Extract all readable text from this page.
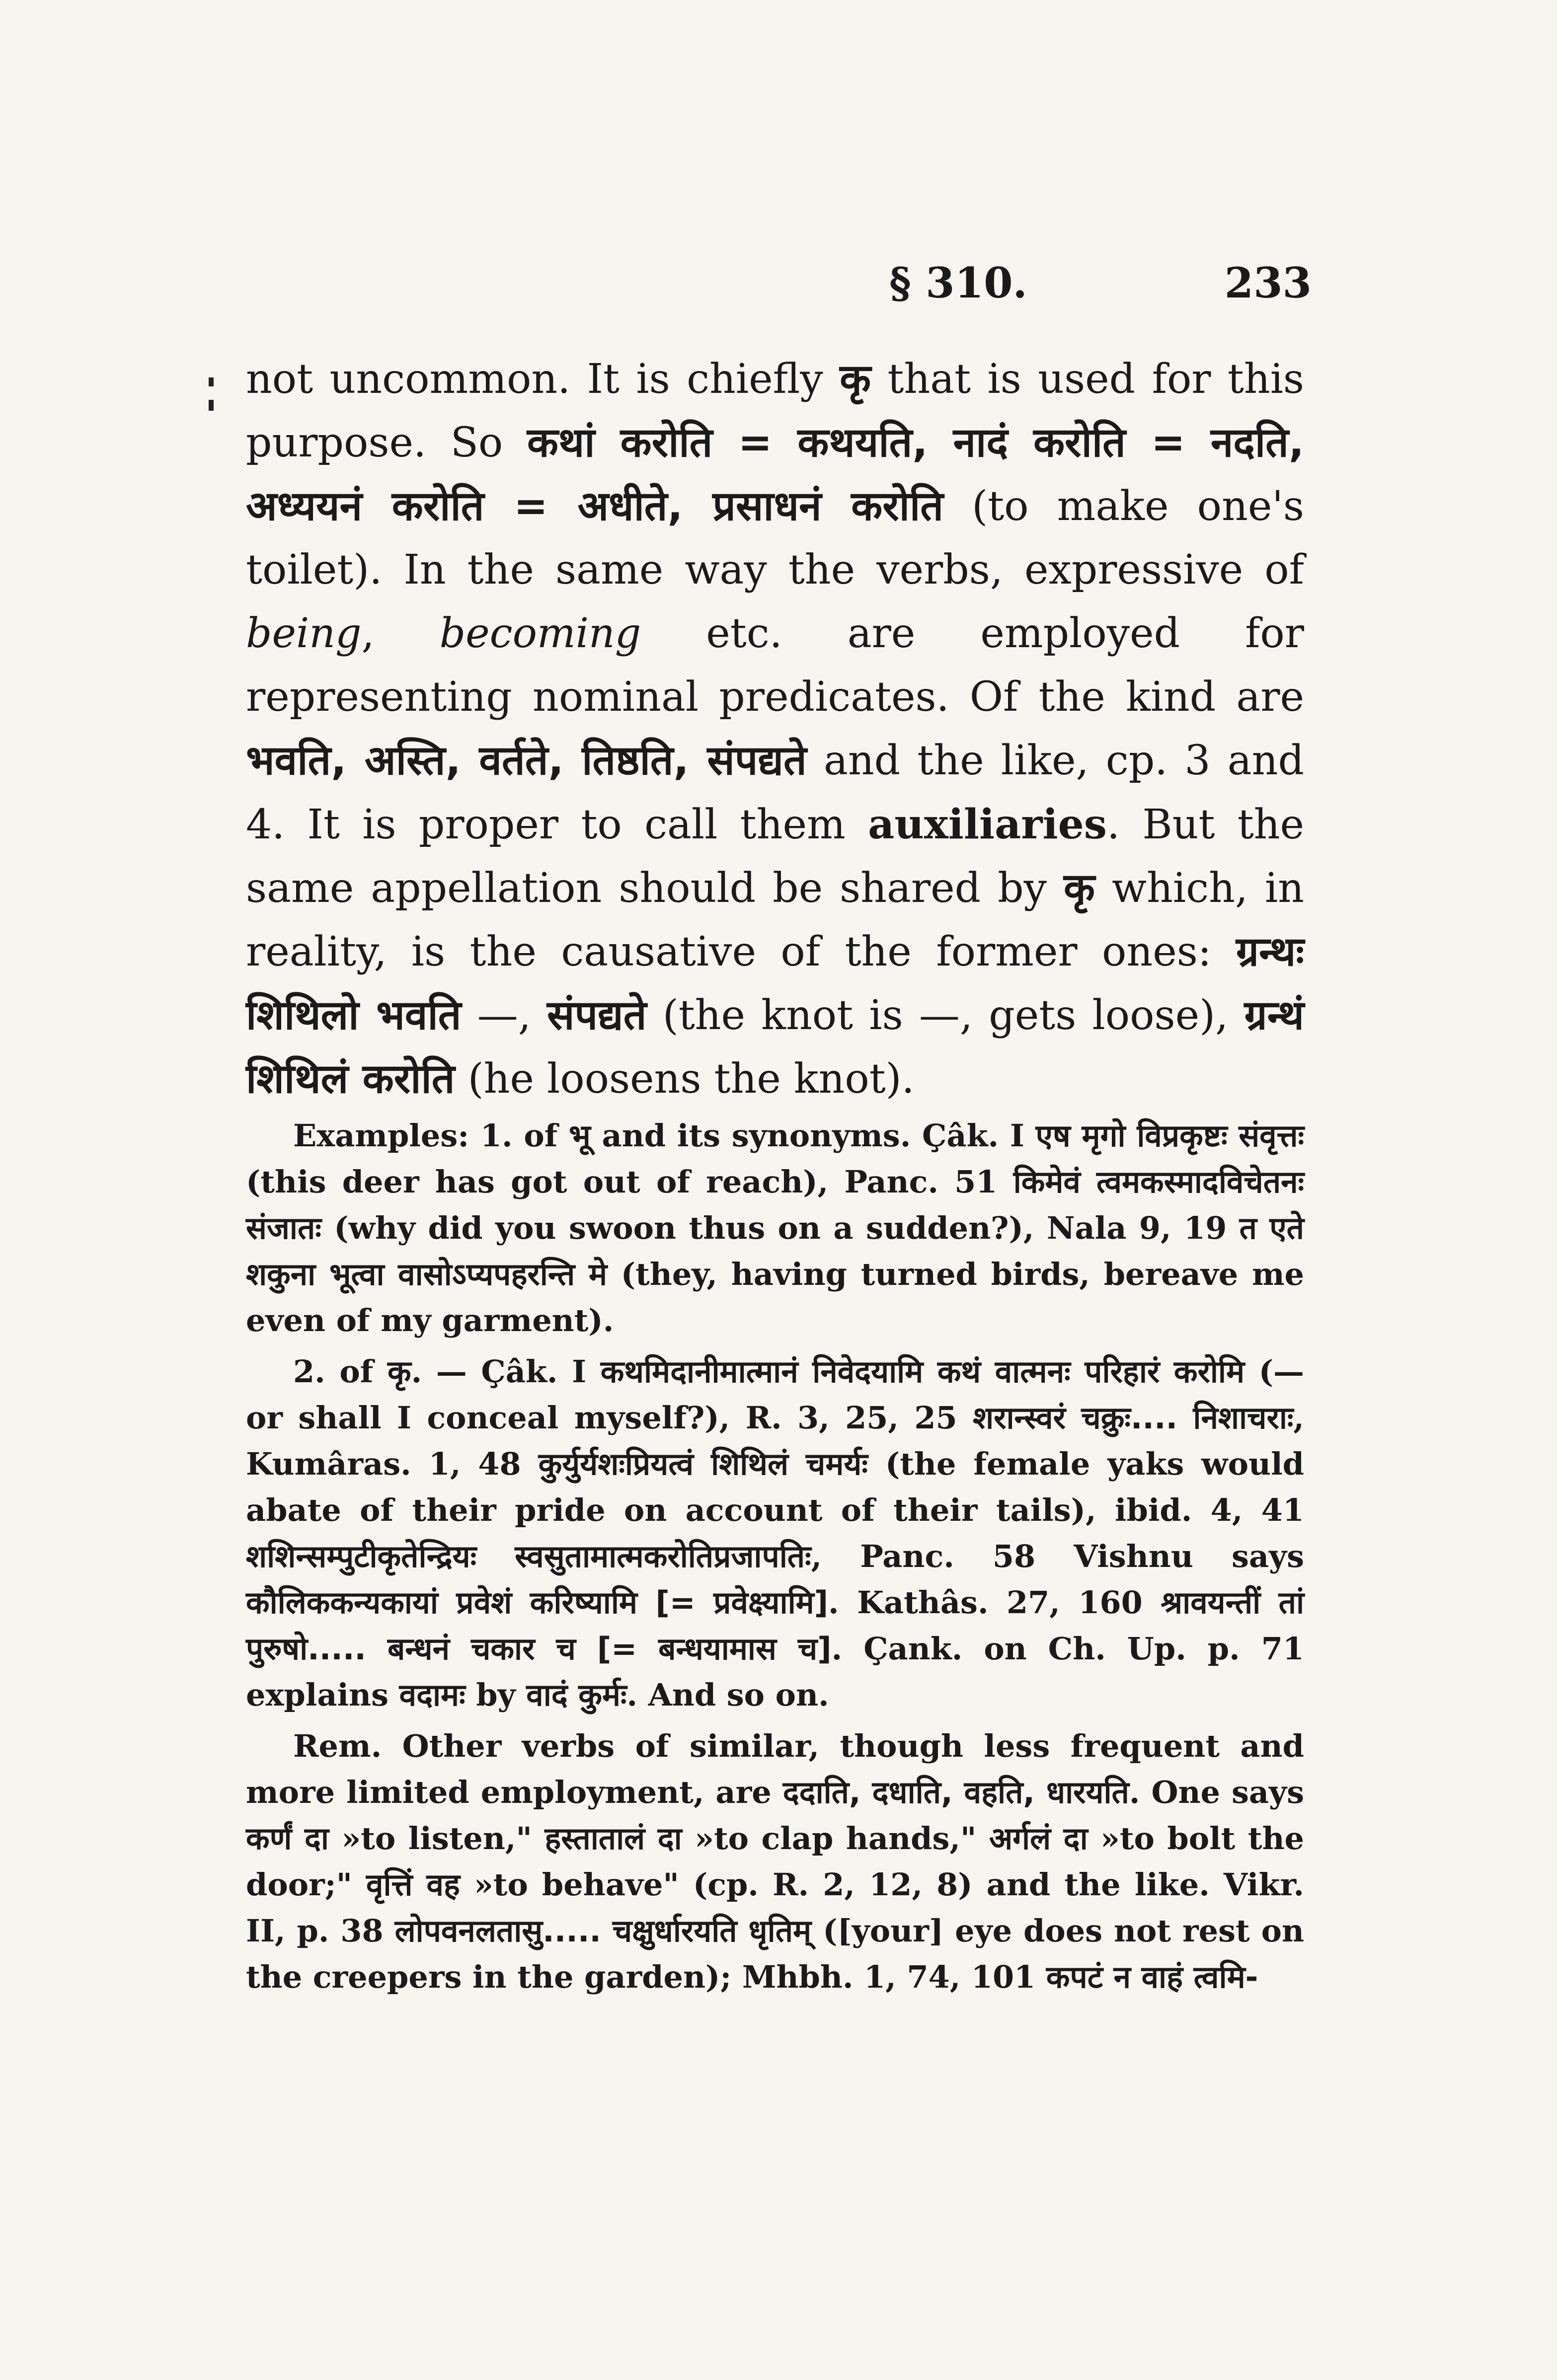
§ 310.	233

not uncommon. It is chiefly कृ that is used for this purpose. So कथां करोति = कथयति, नादं करोति = नदति, अध्ययनं करोति = अधीते, प्रसाधनं करोति (to make one's toilet). In the same way the verbs, expressive of being, becoming etc. are employed for representing nominal predicates. Of the kind are भवति, अस्ति, वर्तते, तिष्ठति, संपद्यते and the like, cp. 3 and 4. It is proper to call them auxiliaries. But the same appellation should be shared by कृ which, in reality, is the causative of the former ones: ग्रन्थः शिथिलो भवति —, संपद्यते (the knot is —, gets loose), ग्रन्थं शिथिलं करोति (he loosens the knot).

Examples: 1. of भू and its synonyms. Çâk. I एष मृगो विप्रकृष्टः संवृत्तः (this deer has got out of reach), Panc. 51 किमेवं त्वमकस्मादविचेतनः संजातः (why did you swoon thus on a sudden?), Nala 9, 19 त एते शकुना भूत्वा वासोऽप्यपहरन्ति मे (they, having turned birds, bereave me even of my garment).

2. of कृ. — Çâk. I कथमिदानीमात्मानं निवेदयामि कथं वात्मनः परिहारं करोमि (— or shall I conceal myself?), R. 3, 25, 25 शरान्स्वरं चक्रुः.... निशाचराः, Kumâras. 1, 48 कुर्युर्यशःप्रियत्वं शिथिलं चमर्यः (the female yaks would abate of their pride on account of their tails), ibid. 4, 41 शशिन्सम्पुटीकृतेन्द्रियः स्वसुतामात्मकरोतिप्रजापतिः, Panc. 58 Vishnu says कौलिककन्यकायां प्रवेशं करिष्यामि [= प्रवेक्ष्यामि]. Kathâs. 27, 160 श्रावयन्तीं तां पुरुषो..... बन्धनं चकार च [= बन्धयामास च]. Çank. on Ch. Up. p. 71 explains वदामः by वादं कुर्मः. And so on.

Rem. Other verbs of similar, though less frequent and more limited employment, are ददाति, दधाति, वहति, धारयति. One says कर्णं दा »to listen," हस्तातालं दा »to clap hands," अर्गलं दा »to bolt the door;" वृत्तिं वह »to behave" (cp. R. 2, 12, 8) and the like. Vikr. II, p. 38 लोपवनलतासु..... चक्षुर्धारयति धृतिम् ([your] eye does not rest on the creepers in the garden); Mhbh. 1, 74, 101 कपटं न वाहं त्वमि-
